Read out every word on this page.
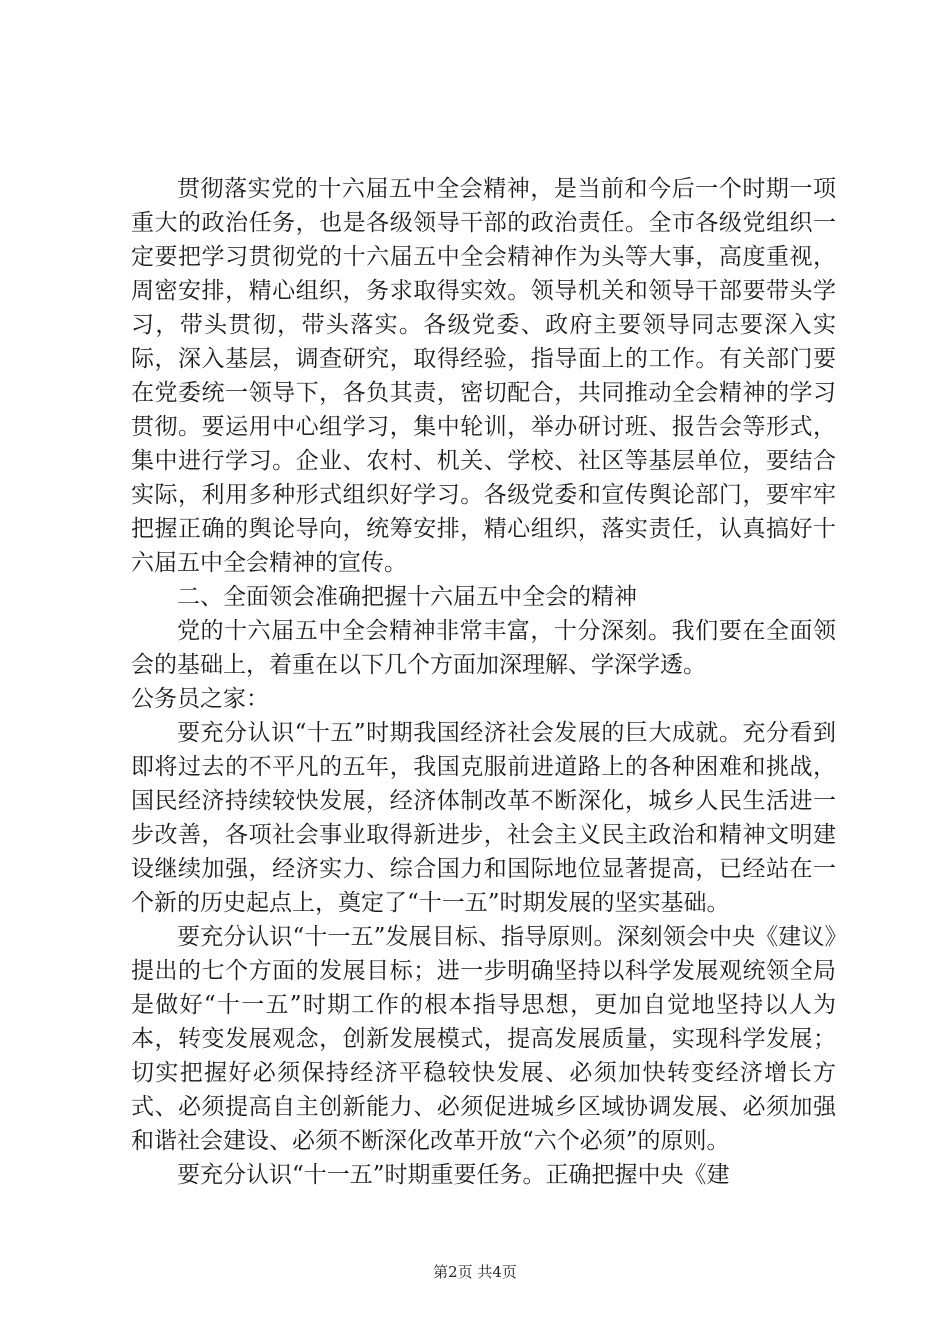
贯彻落实党的十六届五中全会精神，是当前和今后一个时期一项重大的政治任务，也是各级领导干部的政治责任。全市各级党组织一定要把学习贯彻党的十六届五中全会精神作为头等大事，高度重视，周密安排，精心组织，务求取得实效。领导机关和领导干部要带头学习，带头贯彻，带头落实。各级党委、政府主要领导同志要深入实际，深入基层，调查研究，取得经验，指导面上的工作。有关部门要在党委统一领导下，各负其责，密切配合，共同推动全会精神的学习贯彻。要运用中心组学习，集中轮训，举办研讨班、报告会等形式，集中进行学习。企业、农村、机关、学校、社区等基层单位，要结合实际，利用多种形式组织好学习。各级党委和宣传舆论部门，要牢牢把握正确的舆论导向，统筹安排，精心组织，落实责任，认真搞好十六届五中全会精神的宣传。

二、全面领会准确把握十六届五中全会的精神

党的十六届五中全会精神非常丰富，十分深刻。我们要在全面领会的基础上，着重在以下几个方面加深理解、学深学透。

公务员之家：

要充分认识“十五”时期我国经济社会发展的巨大成就。充分看到即将过去的不平凡的五年，我国克服前进道路上的各种困难和挑战，国民经济持续较快发展，经济体制改革不断深化，城乡人民生活进一步改善，各项社会事业取得新进步，社会主义民主政治和精神文明建设继续加强，经济实力、综合国力和国际地位显著提高，已经站在一个新的历史起点上，奠定了“十一五”时期发展的坚实基础。

要充分认识“十一五”发展目标、指导原则。深刻领会中央《建议》提出的七个方面的发展目标；进一步明确坚持以科学发展观统领全局是做好“十一五”时期工作的根本指导思想，更加自觉地坚持以人为本，转变发展观念，创新发展模式，提高发展质量，实现科学发展；切实把握好必须保持经济平稳较快发展、必须加快转变经济增长方式、必须提高自主创新能力、必须促进城乡区域协调发展、必须加强和谐社会建设、必须不断深化改革开放“六个必须”的原则。

要充分认识“十一五”时期重要任务。正确把握中央《建

第2页 共4页
